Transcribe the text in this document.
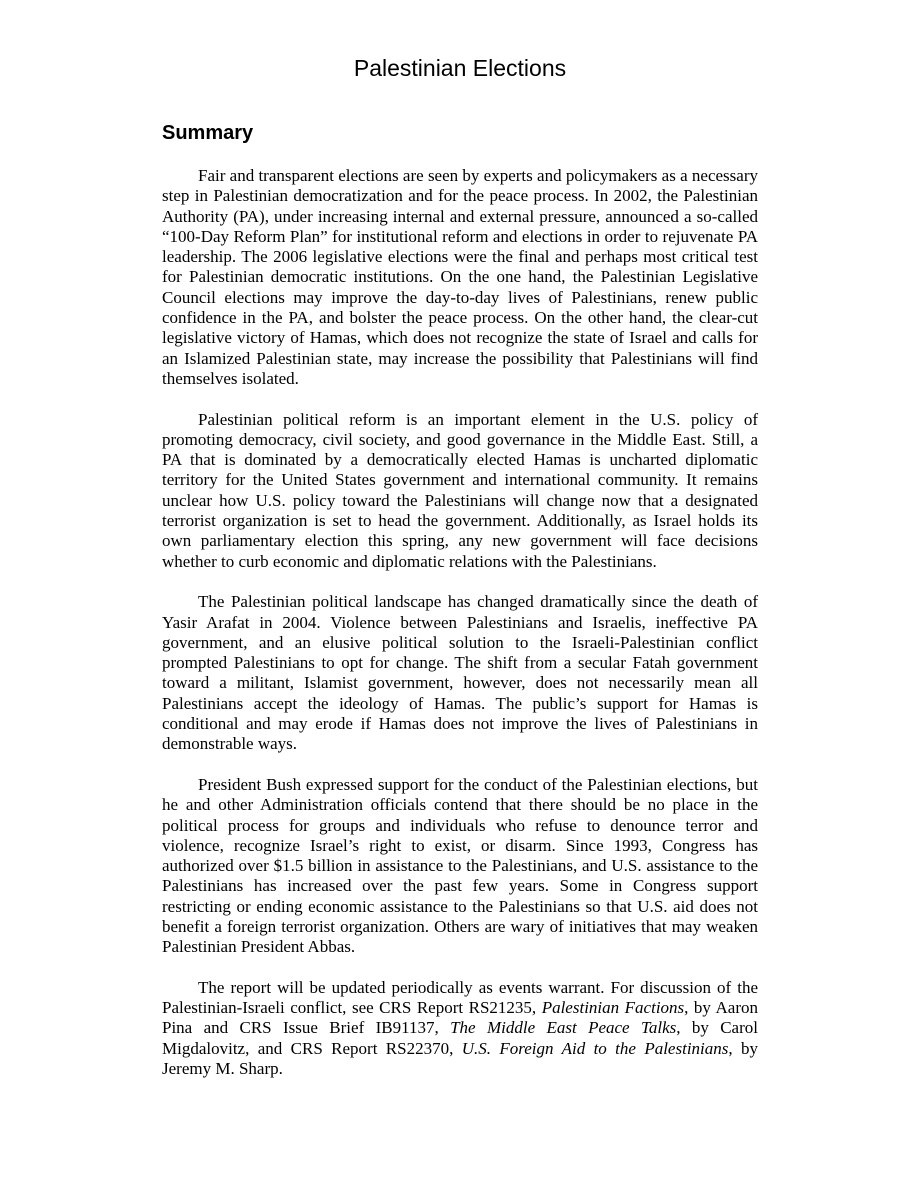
Palestinian Elections
Summary

Fair and transparent elections are seen by experts and policymakers as a necessary step in Palestinian democratization and for the peace process. In 2002, the Palestinian Authority (PA), under increasing internal and external pressure, announced a so-called “100-Day Reform Plan” for institutional reform and elections in order to rejuvenate PA leadership. The 2006 legislative elections were the final and perhaps most critical test for Palestinian democratic institutions. On the one hand, the Palestinian Legislative Council elections may improve the day-to-day lives of Palestinians, renew public confidence in the PA, and bolster the peace process. On the other hand, the clear-cut legislative victory of Hamas, which does not recognize the state of Israel and calls for an Islamized Palestinian state, may increase the possibility that Palestinians will find themselves isolated.

Palestinian political reform is an important element in the U.S. policy of promoting democracy, civil society, and good governance in the Middle East. Still, a PA that is dominated by a democratically elected Hamas is uncharted diplomatic territory for the United States government and international community. It remains unclear how U.S. policy toward the Palestinians will change now that a designated terrorist organization is set to head the government. Additionally, as Israel holds its own parliamentary election this spring, any new government will face decisions whether to curb economic and diplomatic relations with the Palestinians.

The Palestinian political landscape has changed dramatically since the death of Yasir Arafat in 2004. Violence between Palestinians and Israelis, ineffective PA government, and an elusive political solution to the Israeli-Palestinian conflict prompted Palestinians to opt for change. The shift from a secular Fatah government toward a militant, Islamist government, however, does not necessarily mean all Palestinians accept the ideology of Hamas. The public’s support for Hamas is conditional and may erode if Hamas does not improve the lives of Palestinians in demonstrable ways.

President Bush expressed support for the conduct of the Palestinian elections, but he and other Administration officials contend that there should be no place in the political process for groups and individuals who refuse to denounce terror and violence, recognize Israel’s right to exist, or disarm. Since 1993, Congress has authorized over $1.5 billion in assistance to the Palestinians, and U.S. assistance to the Palestinians has increased over the past few years. Some in Congress support restricting or ending economic assistance to the Palestinians so that U.S. aid does not benefit a foreign terrorist organization. Others are wary of initiatives that may weaken Palestinian President Abbas.

The report will be updated periodically as events warrant. For discussion of the Palestinian-Israeli conflict, see CRS Report RS21235, Palestinian Factions, by Aaron Pina and CRS Issue Brief IB91137, The Middle East Peace Talks, by Carol Migdalovitz, and CRS Report RS22370, U.S. Foreign Aid to the Palestinians, by Jeremy M. Sharp.
